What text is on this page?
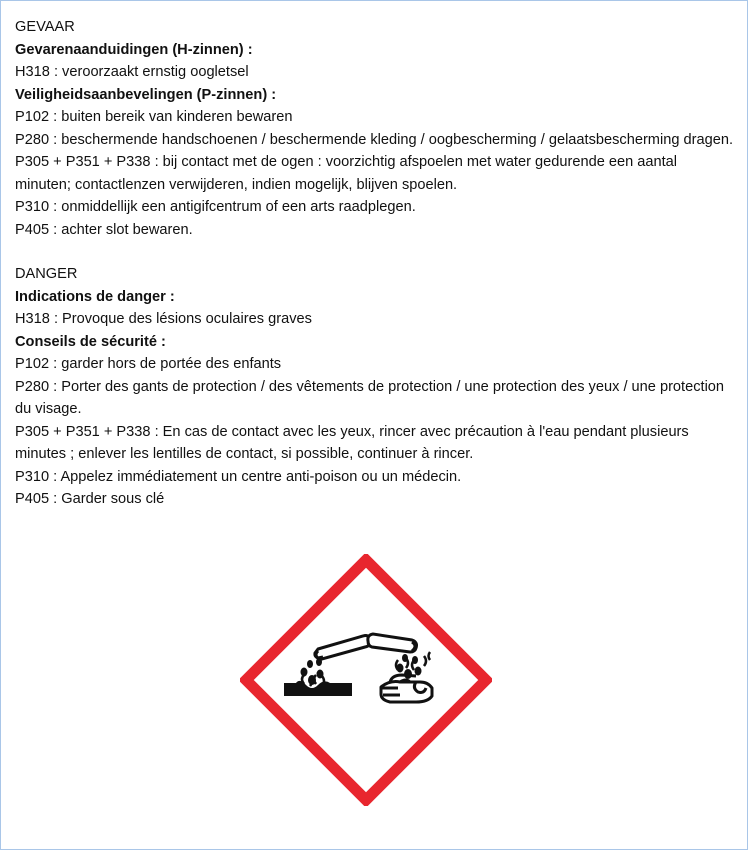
GEVAAR

Gevarenaanduidingen (H-zinnen) :

H318 : veroorzaakt ernstig oogletsel

Veiligheidsaanbevelingen (P-zinnen) :

P102 : buiten bereik van kinderen bewaren

P280 : beschermende handschoenen / beschermende kleding / oogbescherming / gelaatsbescherming dragen.

P305 + P351 + P338 : bij contact met de ogen : voorzichtig afspoelen met water gedurende een aantal minuten; contactlenzen verwijderen, indien mogelijk, blijven spoelen.

P310 : onmiddellijk een antigifcentrum of een arts raadplegen.

P405 : achter slot bewaren.

DANGER

Indications de danger :

H318 : Provoque des lésions oculaires graves

Conseils de sécurité :

P102 : garder hors de portée des enfants

P280 : Porter des gants de protection / des vêtements de protection / une protection des yeux / une protection du visage.

P305 + P351 + P338 : En cas de contact avec les yeux, rincer avec précaution à l'eau pendant plusieurs minutes ; enlever les lentilles de contact, si possible, continuer à rincer.

P310 : Appelez immédiatement un centre anti-poison ou un médecin.

P405 : Garder sous clé
